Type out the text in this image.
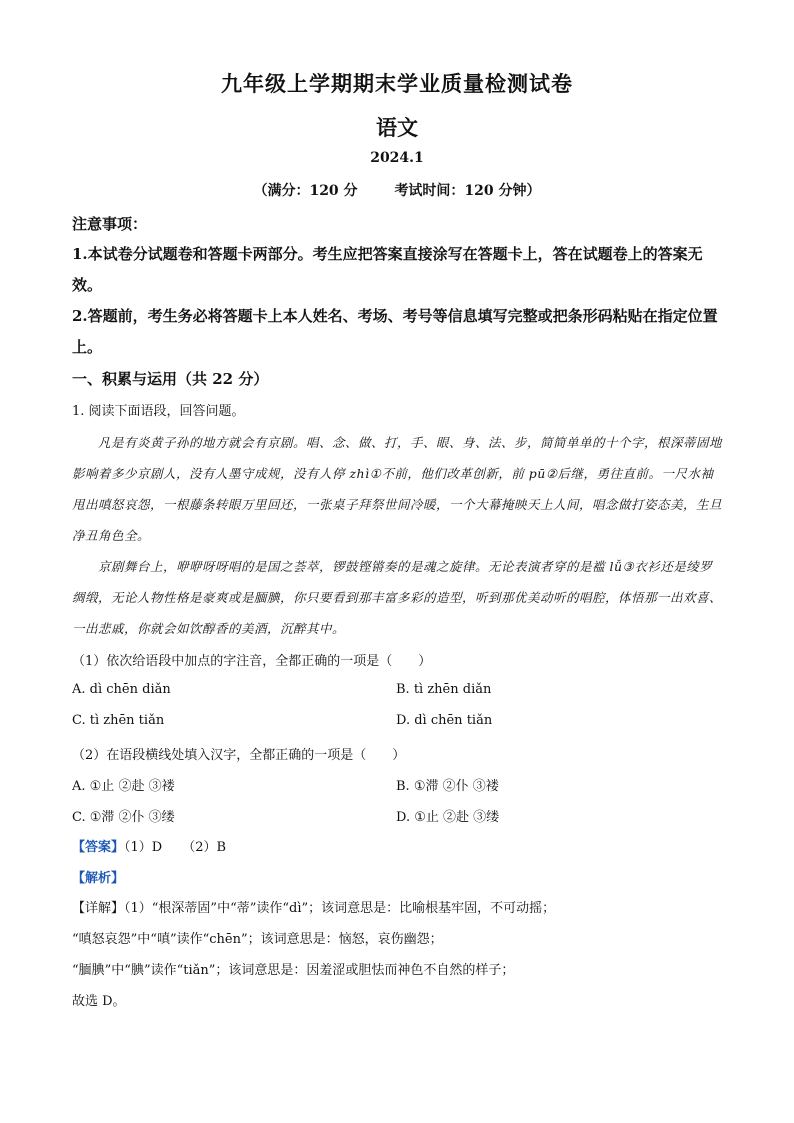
九年级上学期期末学业质量检测试卷
语文
2024.1
（满分：120 分	考试时间：120 分钟）
注意事项：
1.本试卷分试题卷和答题卡两部分。考生应把答案直接涂写在答题卡上，答在试题卷上的答案无效。
2.答题前，考生务必将答题卡上本人姓名、考场、考号等信息填写完整或把条形码粘贴在指定位置上。
一、积累与运用（共 22 分）
1. 阅读下面语段，回答问题。
凡是有炎黄子孙的地方就会有京剧。唱、念、做、打，手、眼、身、法、步，简简单单的十个字，根深蒂固地影响着多少京剧人，没有人墨守成规，没有人停 zhì①不前，他们改革创新，前 pū②后继，勇往直前。一尺水袖甩出嗔怒哀怨，一根藤条转眼万里回还，一张桌子拜祭世间冷暖，一个大幕掩映天上人间，唱念做打姿态美，生旦净丑角色全。
京剧舞台上，咿咿呀呀唱的是国之荟萃，锣鼓铿锵奏的是魂之旋律。无论表演者穿的是褴 lǚ③衣衫还是绫罗绸缎，无论人物性格是豪爽或是腼腆，你只要看到那丰富多彩的造型，听到那优美动听的唱腔，体悟那一出欢喜、一出悲戚，你就会如饮醇香的美酒，沉醉其中。
（1）依次给语段中加点的字注音，全都正确的一项是（　　）
A. dì chēn diǎn	B. tì zhēn diǎn
C. tì zhēn tiǎn	D. dì chēn tiǎn
（2）在语段横线处填入汉字，全都正确的一项是（　　）
A. ①止 ②赴 ③褛	B. ①滞 ②仆 ③褛
C. ①滞 ②仆 ③缕	D. ①止 ②赴 ③缕
【答案】（1）D （2）B
【解析】
【详解】（1）“根深蒂固”中“蒂”读作“dì”；该词意思是：比喻根基牢固，不可动摇；
“嗔怒哀怨”中“嗔”读作“chēn”；该词意思是：恼怒，哀伤幽怨；
“腼腆”中“腆”读作“tiǎn”；该词意思是：因羞涩或胆怯而神色不自然的样子；
故选 D。
